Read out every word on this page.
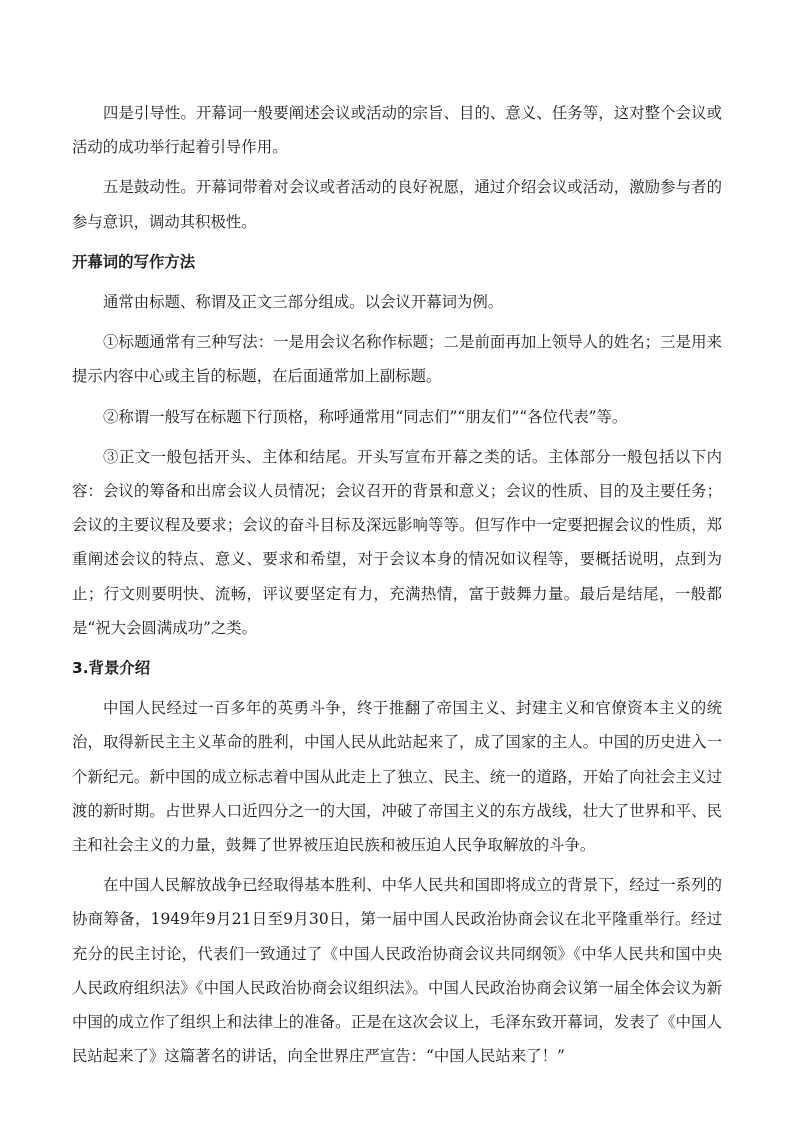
四是引导性。开幕词一般要阐述会议或活动的宗旨、目的、意义、任务等，这对整个会议或活动的成功举行起着引导作用。

五是鼓动性。开幕词带着对会议或者活动的良好祝愿，通过介绍会议或活动，激励参与者的参与意识，调动其积极性。

开幕词的写作方法

通常由标题、称谓及正文三部分组成。以会议开幕词为例。

①标题通常有三种写法：一是用会议名称作标题；二是前面再加上领导人的姓名；三是用来提示内容中心或主旨的标题，在后面通常加上副标题。

②称谓一般写在标题下行顶格，称呼通常用“同志们”“朋友们”“各位代表”等。

③正文一般包括开头、主体和结尾。开头写宣布开幕之类的话。主体部分一般包括以下内容：会议的筹备和出席会议人员情况；会议召开的背景和意义；会议的性质、目的及主要任务；会议的主要议程及要求；会议的奋斗目标及深远影响等等。但写作中一定要把握会议的性质，郑重阐述会议的特点、意义、要求和希望，对于会议本身的情况如议程等，要概括说明，点到为止；行文则要明快、流畅，评议要坚定有力，充满热情，富于鼓舞力量。最后是结尾，一般都是“祝大会圆满成功”之类。

3.背景介绍

中国人民经过一百多年的英勇斗争，终于推翻了帝国主义、封建主义和官僚资本主义的统治，取得新民主主义革命的胜利，中国人民从此站起来了，成了国家的主人。中国的历史进入一个新纪元。新中国的成立标志着中国从此走上了独立、民主、统一的道路，开始了向社会主义过渡的新时期。占世界人口近四分之一的大国，冲破了帝国主义的东方战线，壮大了世界和平、民主和社会主义的力量，鼓舞了世界被压迫民族和被压迫人民争取解放的斗争。

在中国人民解放战争已经取得基本胜利、中华人民共和国即将成立的背景下，经过一系列的协商筹备，1949年9月21日至9月30日，第一届中国人民政治协商会议在北平隆重举行。经过充分的民主讨论，代表们一致通过了《中国人民政治协商会议共同纲领》《中华人民共和国中央人民政府组织法》《中国人民政治协商会议组织法》。中国人民政治协商会议第一届全体会议为新中国的成立作了组织上和法律上的准备。正是在这次会议上，毛泽东致开幕词，发表了《中国人民站起来了》这篇著名的讲话，向全世界庄严宣告：“中国人民站来了！”
